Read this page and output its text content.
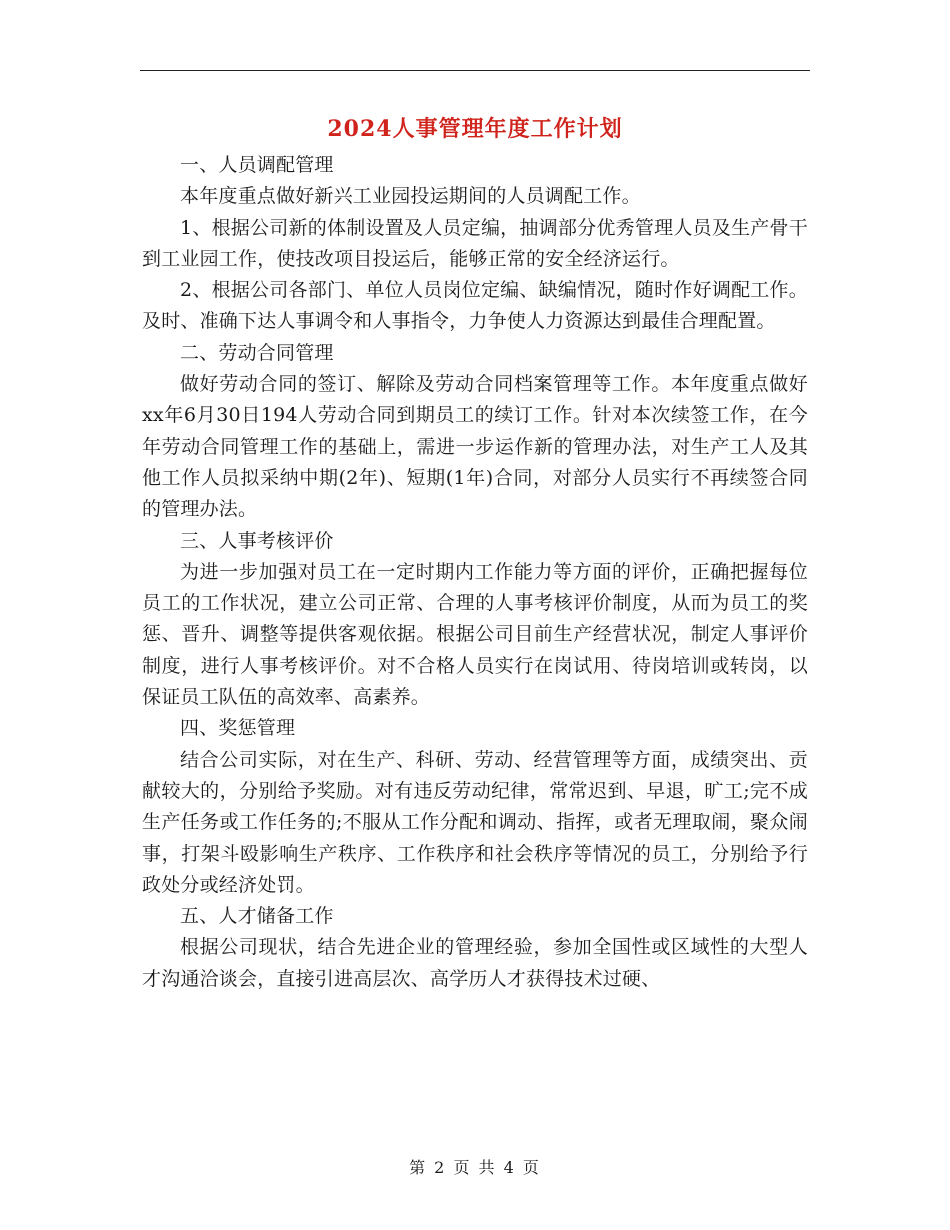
2024人事管理年度工作计划

一、人员调配管理

本年度重点做好新兴工业园投运期间的人员调配工作。

1、根据公司新的体制设置及人员定编，抽调部分优秀管理人员及生产骨干到工业园工作，使技改项目投运后，能够正常的安全经济运行。

2、根据公司各部门、单位人员岗位定编、缺编情况，随时作好调配工作。及时、准确下达人事调令和人事指令，力争使人力资源达到最佳合理配置。

二、劳动合同管理

做好劳动合同的签订、解除及劳动合同档案管理等工作。本年度重点做好xx年6月30日194人劳动合同到期员工的续订工作。针对本次续签工作，在今年劳动合同管理工作的基础上，需进一步运作新的管理办法，对生产工人及其他工作人员拟采纳中期(2年)、短期(1年)合同，对部分人员实行不再续签合同的管理办法。

三、人事考核评价

为进一步加强对员工在一定时期内工作能力等方面的评价，正确把握每位员工的工作状况，建立公司正常、合理的人事考核评价制度，从而为员工的奖惩、晋升、调整等提供客观依据。根据公司目前生产经营状况，制定人事评价制度，进行人事考核评价。对不合格人员实行在岗试用、待岗培训或转岗，以保证员工队伍的高效率、高素养。

四、奖惩管理

结合公司实际，对在生产、科研、劳动、经营管理等方面，成绩突出、贡献较大的，分别给予奖励。对有违反劳动纪律，常常迟到、早退，旷工;完不成生产任务或工作任务的;不服从工作分配和调动、指挥，或者无理取闹，聚众闹事，打架斗殴影响生产秩序、工作秩序和社会秩序等情况的员工，分别给予行政处分或经济处罚。

五、人才储备工作

根据公司现状，结合先进企业的管理经验，参加全国性或区域性的大型人才沟通洽谈会，直接引进高层次、高学历人才获得技术过硬、

第 2 页 共 4 页
